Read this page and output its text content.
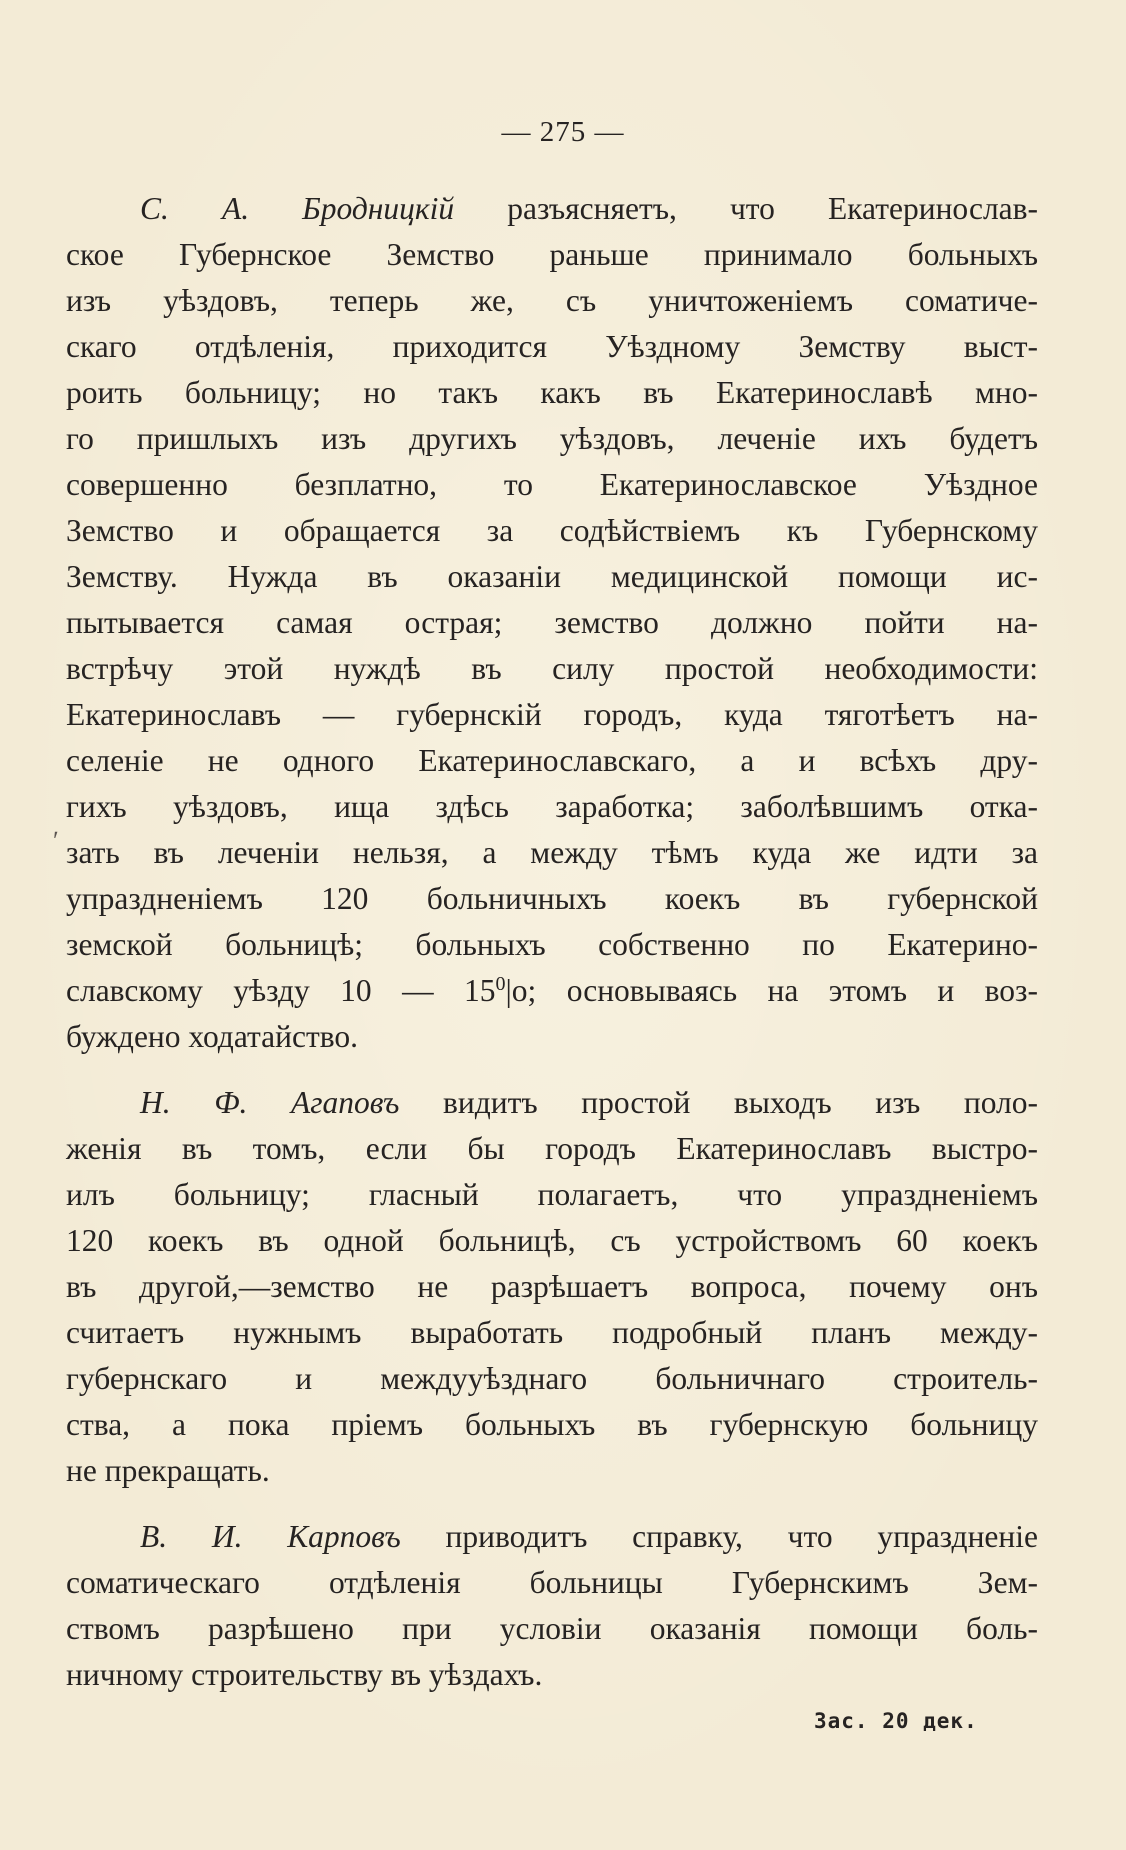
— 275 —
ʹ
С. А. Бродницкій разъясняетъ, что Екатеринослав-
ское Губернское Земство раньше принимало больныхъ
изъ уѣздовъ, теперь же, съ уничтоженіемъ соматиче-
скаго отдѣленія, приходится Уѣздному Земству выст-
роить больницу; но такъ какъ въ Екатеринославѣ мно-
го пришлыхъ изъ другихъ уѣздовъ, леченіе ихъ будетъ
совершенно безплатно, то Екатеринославское Уѣздное
Земство и обращается за содѣйствіемъ къ Губернскому
Земству. Нужда въ оказаніи медицинской помощи ис-
пытывается самая острая; земство должно пойти на-
встрѣчу этой нуждѣ въ силу простой необходимости:
Екатеринославъ — губернскій городъ, куда тяготѣетъ на-
селеніе не одного Екатеринославскаго, а и всѣхъ дру-
гихъ уѣздовъ, ища здѣсь заработка; заболѣвшимъ отка-
зать въ леченіи нельзя, а между тѣмъ куда же идти за
упраздненіемъ 120 больничныхъ коекъ въ губернской
земской больницѣ; больныхъ собственно по Екатерино-
славскому уѣзду 10 — $15^0|о$; основываясь на этомъ и воз-
буждено ходатайство.
Н. Ф. Агаповъ видитъ простой выходъ изъ поло-
женія въ томъ, если бы городъ Екатеринославъ выстро-
илъ больницу; гласный полагаетъ, что упраздненіемъ
120 коекъ въ одной больницѣ, съ устройствомъ 60 коекъ
въ другой,—земство не разрѣшаетъ вопроса, почему онъ
считаетъ нужнымъ выработать подробный планъ между-
губернскаго и междууѣзднаго больничнаго строитель-
ства, а пока пріемъ больныхъ въ губернскую больницу
не прекращать.
В. И. Карповъ приводитъ справку, что упраздненіе
соматическаго отдѣленія больницы Губернскимъ Зем-
ствомъ разрѣшено при условіи оказанія помощи боль-
ничному строительству въ уѣздахъ.
Зас. 20 дек.
